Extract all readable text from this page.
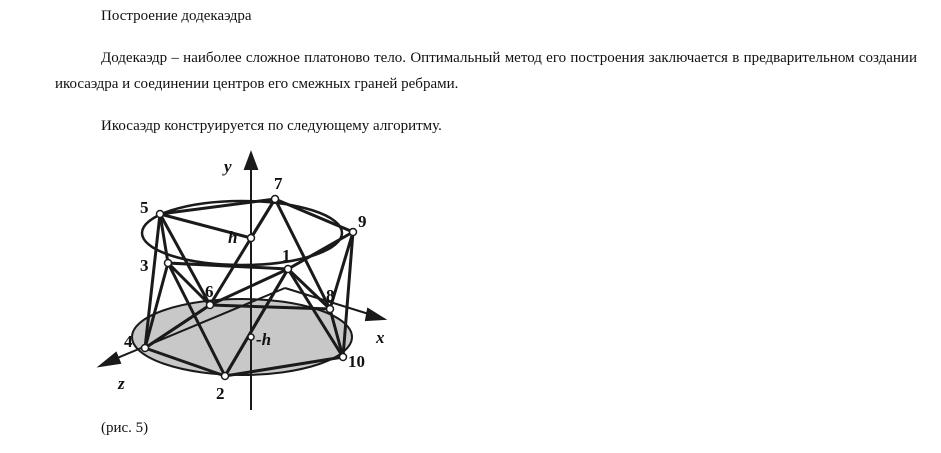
Построение додекаэдра

Додекаэдр – наиболее сложное платоново тело. Оптимальный метод его построения заключается в предварительном создании икосаэдра и соединении центров его смежных граней ребрами.

Икосаэдр конструируется по следующему алгоритму.

y
x
z
h
-h
1
2
3
4
5
6
7
8
9
10
(рис. 5)
